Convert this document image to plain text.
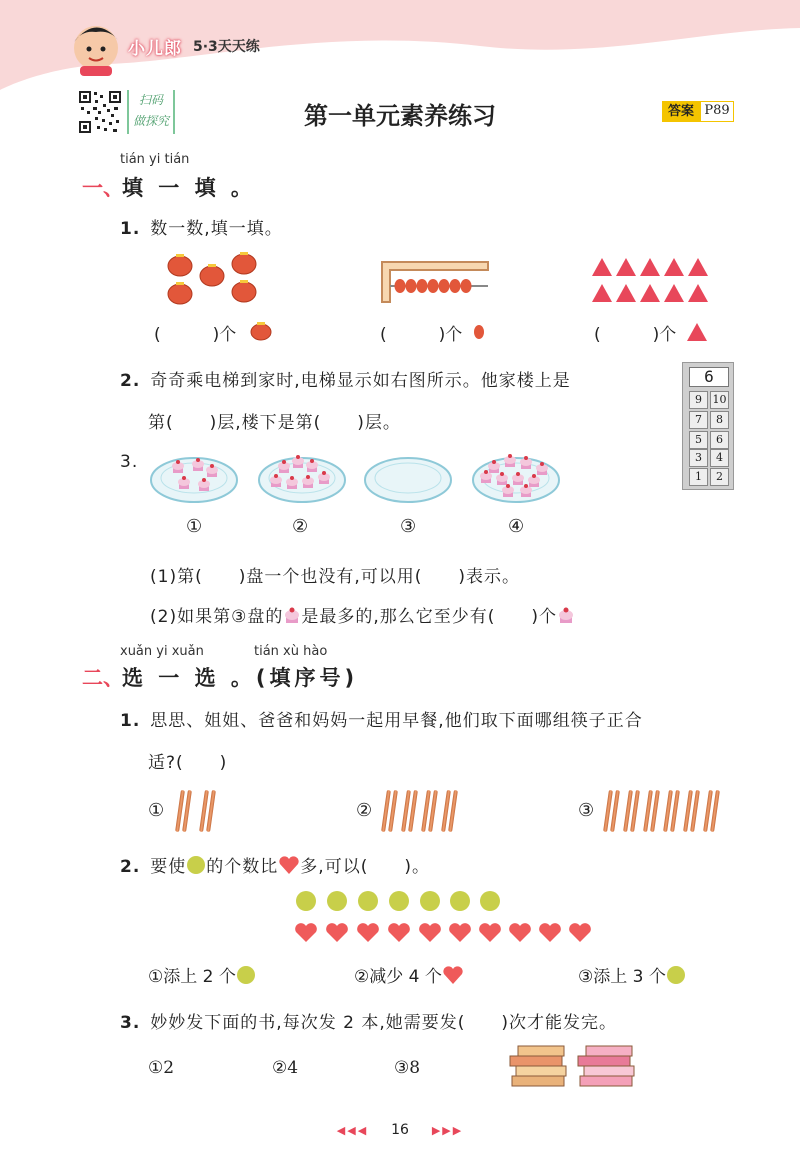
小儿郎 5·3天天练
扫码
做探究	第一单元素养练习	答案 P89
tián yi tián
一、
填 一 填 。
1. 数一数,填一填。
(	)个	(	)个	(	)个
2. 奇奇乘电梯到家时,电梯显示如右图所示。他家楼上是
第(　　)层,楼下是第(　　)层。
6
9 10
7	8
5	6
3	4
1	2
3.
①	②	③	④
(1)第(　　)盘一个也没有,可以用(　　)表示。
(2)如果第③盘的 是最多的,那么它至少有(　　)个
xuǎn yi xuǎn	tián xù hào
二、
选 一 选 。(填序号)
1. 思思、姐姐、爸爸和妈妈一起用早餐,他们取下面哪组筷子正合
适?(　　)
①	②	③
2. 要使 的个数比 多,可以(　　)。
①添上 2 个	②减少 4 个	③添上 3 个
3. 妙妙发下面的书,每次发 2 本,她需要发(　　)次才能发完。
①2	②4	③8
◀◀◀ 16 ▶▶▶
